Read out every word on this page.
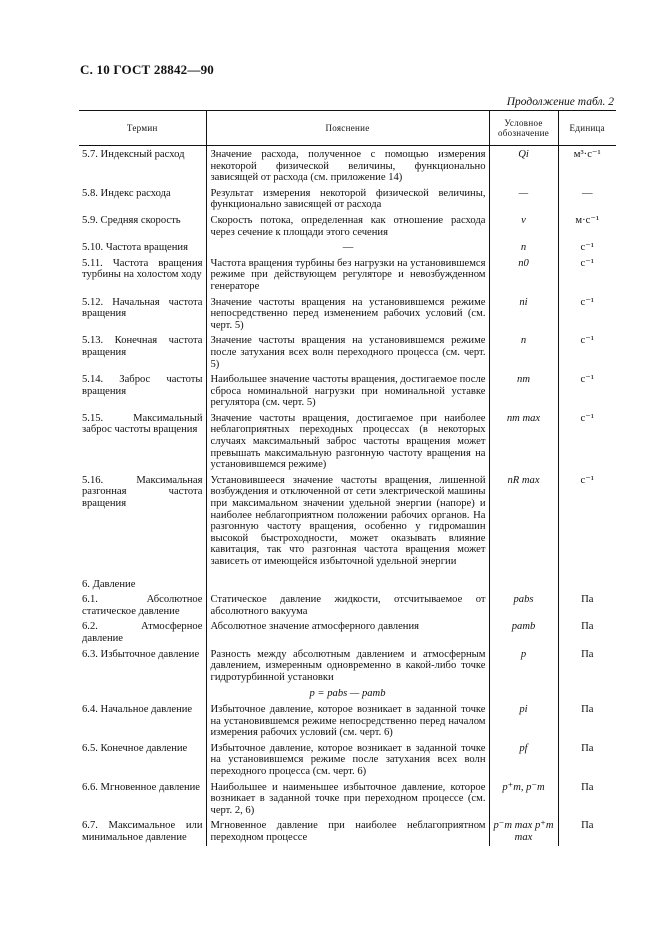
С. 10 ГОСТ 28842—90
Продолжение табл. 2
Термин	Пояснение	Условное обозначение	Единица
5.7. Индексный расход	Значение расхода, полученное с помощью измерения некоторой физической величины, функционально зависящей от расхода (см. приложение 14)	Qi	м³·с⁻¹
5.8. Индекс расхода	Результат измерения некоторой физической величины, функционально зависящей от расхода	—	—
5.9. Средняя скорость	Скорость потока, определенная как отношение расхода через сечение к площади этого сечения	v	м·с⁻¹
5.10. Частота вращения	—	n	с⁻¹
5.11. Частота вращения турбины на холостом ходу	Частота вращения турбины без нагрузки на установившемся режиме при действующем регуляторе и невозбужденном генераторе	n0	с⁻¹
5.12. Начальная частота вращения	Значение частоты вращения на установившемся режиме непосредственно перед изменением рабочих условий (см. черт. 5)	ni	с⁻¹
5.13. Конечная частота вращения	Значение частоты вращения на установившемся режиме после затухания всех волн переходного процесса (см. черт. 5)	n	с⁻¹
5.14. Заброс частоты вращения	Наибольшее значение частоты вращения, достигаемое после сброса номинальной нагрузки при номинальной уставке регулятора (см. черт. 5)	nm	с⁻¹
5.15. Максимальный заброс частоты вращения	Значение частоты вращения, достигаемое при наиболее неблагоприятных переходных процессах (в некоторых случаях максимальный заброс частоты вращения может превышать максимальную разгонную частоту вращения на установившемся режиме)	nm max	с⁻¹
5.16. Максимальная разгонная частота вращения	Установившееся значение частоты вращения, лишенной возбуждения и отключенной от сети электрической машины при максимальном значении удельной энергии (напоре) и наиболее неблагоприятном положении рабочих органов. На разгонную частоту вращения, особенно у гидромашин высокой быстроходности, может оказывать влияние кавитация, так что разгонная частота вращения может зависеть от имеющейся избыточной удельной энергии	nR max	с⁻¹
6. Давление			
6.1. Абсолютное статическое давление	Статическое давление жидкости, отсчитываемое от абсолютного вакуума	pabs	Па
6.2. Атмосферное давление	Абсолютное значение атмосферного давления	pamb	Па
6.3. Избыточное давление	Разность между абсолютным давлением и атмосферным давлением, измеренным одновременно в какой-либо точке гидротурбинной установки	p	Па
	p = pabs — pamb		
6.4. Начальное давление	Избыточное давление, которое возникает в заданной точке на установившемся режиме непосредственно перед началом измерения рабочих условий (см. черт. 6)	pi	Па
6.5. Конечное давление	Избыточное давление, которое возникает в заданной точке на установившемся режиме после затухания всех волн переходного процесса (см. черт. 6)	pf	Па
6.6. Мгновенное давление	Наибольшее и наименьшее избыточное давление, которое возникает в заданной точке при переходном процессе (см. черт. 2, 6)	p⁺m, p⁻m	Па
6.7. Максимальное или минимальное давление	Мгновенное давление при наиболее неблагоприятном переходном процессе	p⁻m max p⁺m max	Па
